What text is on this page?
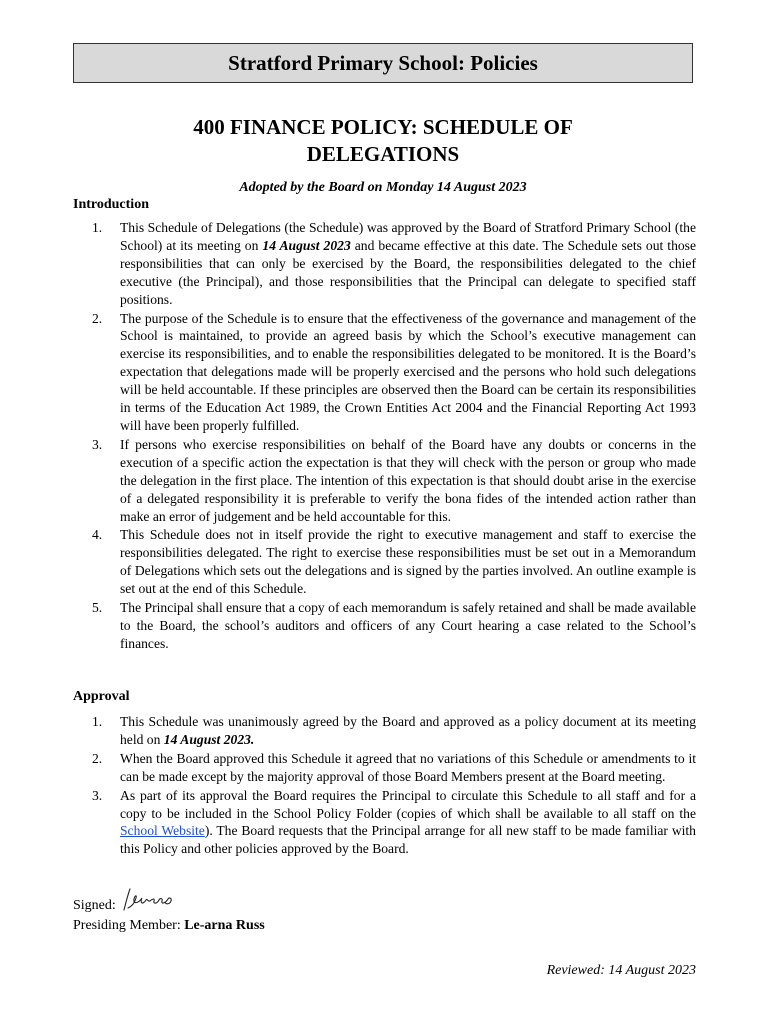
Stratford Primary School: Policies
400 FINANCE POLICY: SCHEDULE OF
DELEGATIONS
Adopted by the Board on Monday 14 August 2023
Introduction
1. This Schedule of Delegations (the Schedule) was approved by the Board of Stratford Primary School (the School) at its meeting on 14 August 2023 and became effective at this date. The Schedule sets out those responsibilities that can only be exercised by the Board, the responsibilities delegated to the chief executive (the Principal), and those responsibilities that the Principal can delegate to specified staff positions.
2. The purpose of the Schedule is to ensure that the effectiveness of the governance and management of the School is maintained, to provide an agreed basis by which the School’s executive management can exercise its responsibilities, and to enable the responsibilities delegated to be monitored. It is the Board’s expectation that delegations made will be properly exercised and the persons who hold such delegations will be held accountable. If these principles are observed then the Board can be certain its responsibilities in terms of the Education Act 1989, the Crown Entities Act 2004 and the Financial Reporting Act 1993 will have been properly fulfilled.
3. If persons who exercise responsibilities on behalf of the Board have any doubts or concerns in the execution of a specific action the expectation is that they will check with the person or group who made the delegation in the first place. The intention of this expectation is that should doubt arise in the exercise of a delegated responsibility it is preferable to verify the bona fides of the intended action rather than make an error of judgement and be held accountable for this.
4. This Schedule does not in itself provide the right to executive management and staff to exercise the responsibilities delegated. The right to exercise these responsibilities must be set out in a Memorandum of Delegations which sets out the delegations and is signed by the parties involved. An outline example is set out at the end of this Schedule.
5. The Principal shall ensure that a copy of each memorandum is safely retained and shall be made available to the Board, the school’s auditors and officers of any Court hearing a case related to the School’s finances.
Approval
1. This Schedule was unanimously agreed by the Board and approved as a policy document at its meeting held on 14 August 2023.
2. When the Board approved this Schedule it agreed that no variations of this Schedule or amendments to it can be made except by the majority approval of those Board Members present at the Board meeting.
3. As part of its approval the Board requires the Principal to circulate this Schedule to all staff and for a copy to be included in the School Policy Folder (copies of which shall be available to all staff on the School Website). The Board requests that the Principal arrange for all new staff to be made familiar with this Policy and other policies approved by the Board.
Signed:
Presiding Member: Le-arna Russ
Reviewed: 14 August 2023
